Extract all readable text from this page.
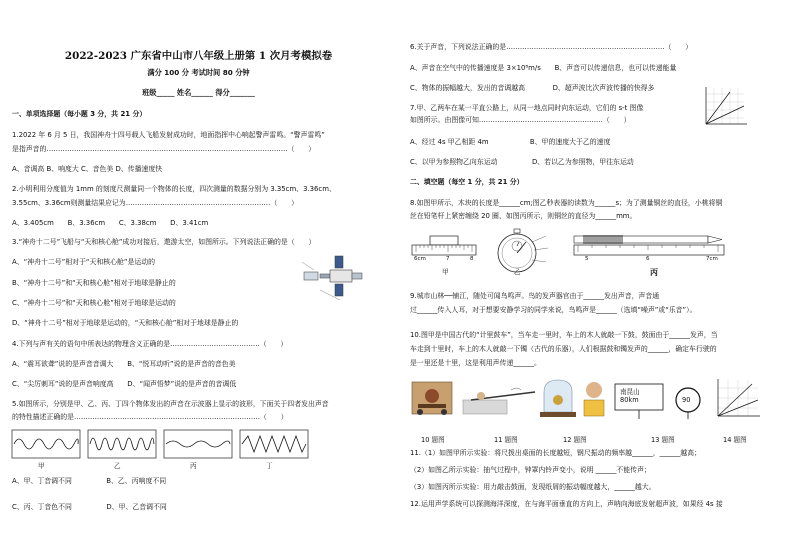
2022-2023 广东省中山市八年级上册第 1 次月考模拟卷
满分 100 分 考试时间 80 分钟
班级_____ 姓名______ 得分_______
一、单项选择题（每小题 3 分，共 21 分）
1.2022 年 6 月 5 日，我国神舟十四号载人飞船发射成功时，地面指挥中心响起警声雷鸣。“警声雷鸣”
是指声音的……………………………………………………………………………………………（　　）
A、音调高 B、响度大 C、音色美 D、传播速度快
2.小明利用分度值为 1mm 的刻度尺测量同一个物体的长度，四次测量的数据分别为 3.35cm、3.36cm、
3.55cm、3.36cm则测量结果应记为………………………………………………………（　　）
A、3.405cm　　B、3.36cm　　C、3.38cm　　D、3.41cm
3.“神舟十二号”飞船与“天和核心舱”成功对接后，遨游太空，如图所示。下列说法正确的是（　　）
A、“神舟十二号”相对于“天和核心舱”是运动的
B、“神舟十二号”和“天和核心舱”相对于地球是静止的
C、“神舟十二号”和“天和核心舱”相对于地球是运动的
D、“神舟十二号”相对于地球是运动的，“天和核心舱”相对于地球是静止的
4.下列与声有关的语句中所表达的物理含义正确的是…………………………………（　　）
A、“震耳欲聋”说的是声音音调大　　B、“悦耳动听”说的是声音的音色美
C、“尖厉刺耳”说的是声音响度高　　D、“闻声悟梦”说的是声音的音调低
5.如图所示，分别是甲、乙、丙、丁四个物体发出的声音在示波器上显示的波形，下面关于四者发出声音
的特性描述正确的是………………………………………………………………………（　　）
甲	乙	丙	丁
A、甲、丁音调不同　　　　　B、乙、丙响度不同
C、丙、丁音色不同　　　　　D、甲、乙音调不同
6.关于声音，下列说法正确的是……………………………………………………………（　　）
A、声音在空气中的传播速度是 3×10⁸m/s　　B、声音可以传递信息，也可以传递能量
C、物体的振幅越大，发出的音调越高　　　　D、超声波比次声波传播的快得多
7.甲、乙两车在某一平直公路上，从同一地点同时向东运动，它们的 s-t 图像
如图所示。由图像可知………………………………………………（　　）
A、经过 4s 甲乙相距 4m　　　　　　B、甲的速度大于乙的速度
C、以甲为参照物乙向东运动　　　　　D、若以乙为参照物，甲往东运动
二、填空题（每空 1 分，共 21 分）
8.如图甲所示，木块的长度是______cm;图乙秒表器的读数为______s；为了测量铜丝的直径，小桃将铜
丝在铅笔杆上紧密缠绕 20 圈，如图丙所示，则铜丝的直径为______mm。
6cm	7	8
甲	乙
5	6	7cm
丙
9.城市山林──铺江，随处可闻鸟鸣声。鸟的发声器官由于______发出声音，声音通
过______传入人耳，对于想要安静学习的同学来说，鸟鸣声是______（选填“噪声”或“乐音”）。
10.图甲是中国古代的“计里鼓车”，当车走一里时，车上的木人就敲一下鼓，鼓面由于______发声，当
车走到十里时，车上的木人就敲一下镯（古代的乐器），人们根据鼓和镯发声的______，确定车行驶的
是一里还是十里，这是利用声传递______。
南昆山
80km	90
10 题图	11 题图	12 题图	13 题图	14 题图
11.（1）如图甲所示实验：将尺拨出桌面的长度越短，钢尺振动的频率越______，______越高；
（2）如图乙所示实验：抽气过程中，钟罩内铃声变小，说明 ______不能传声；
（3）如图丙所示实验：用力敲击鼓面，发现纸屑的振动幅度越大，______越大。
12.运用声学系统可以探测海洋深度，在与海平面垂直的方向上，声呐向海底发射超声波，如果经 4s 接
